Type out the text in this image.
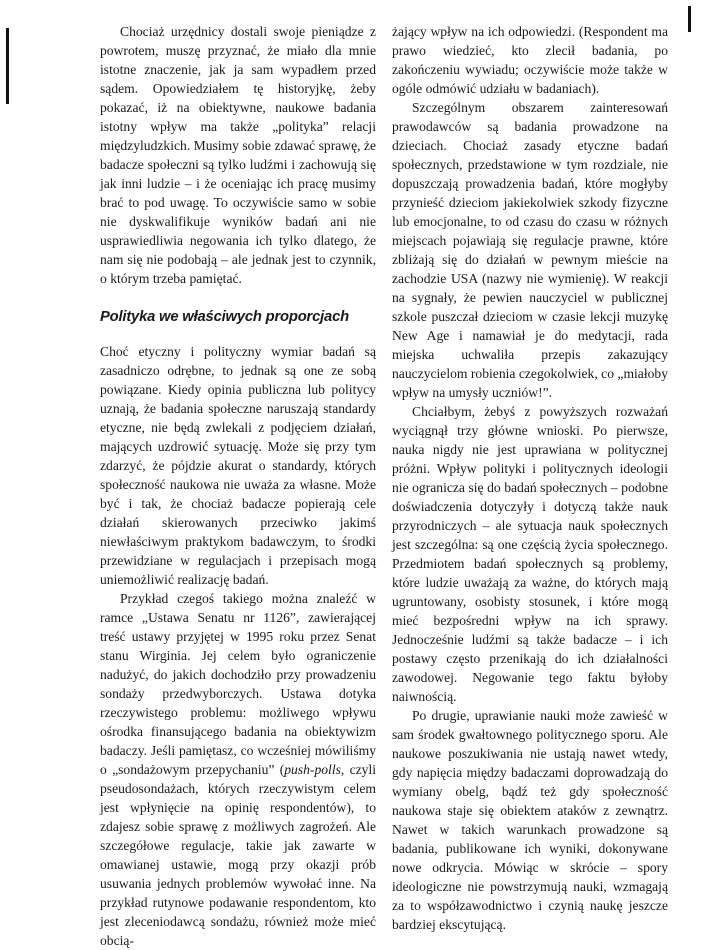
Chociaż urzędnicy dostali swoje pieniądze z powrotem, muszę przyznać, że miało dla mnie istotne znaczenie, jak ja sam wypadłem przed sądem. Opowiedziałem tę historyjkę, żeby pokazać, iż na obiektywne, naukowe badania istotny wpływ ma także „polityka” relacji międzyludzkich. Musimy sobie zdawać sprawę, że badacze społeczni są tylko ludźmi i zachowują się jak inni ludzie – i że oceniając ich pracę musimy brać to pod uwagę. To oczywiście samo w sobie nie dyskwalifikuje wyników badań ani nie usprawiedliwia negowania ich tylko dlatego, że nam się nie podobają – ale jednak jest to czynnik, o którym trzeba pamiętać.

Polityka we właściwych proporcjach

Choć etyczny i polityczny wymiar badań są zasadniczo odrębne, to jednak są one ze sobą powiązane. Kiedy opinia publiczna lub politycy uznają, że badania społeczne naruszają standardy etyczne, nie będą zwlekali z podjęciem działań, mających uzdrowić sytuację. Może się przy tym zdarzyć, że pójdzie akurat o standardy, których społeczność naukowa nie uważa za własne. Może być i tak, że chociaż badacze popierają cele działań skierowanych przeciwko jakimś niewłaściwym praktykom badawczym, to środki przewidziane w regulacjach i przepisach mogą uniemożliwić realizację badań.

Przykład czegoś takiego można znaleźć w ramce „Ustawa Senatu nr 1126”, zawierającej treść ustawy przyjętej w 1995 roku przez Senat stanu Wirginia. Jej celem było ograniczenie nadużyć, do jakich dochodziło przy prowadzeniu sondaży przedwyborczych. Ustawa dotyka rzeczywistego problemu: możliwego wpływu ośrodka finansującego badania na obiektywizm badaczy. Jeśli pamiętasz, co wcześniej mówiliśmy o „sondażowym przepychaniu” (push-polls, czyli pseudosondażach, których rzeczywistym celem jest wpłynięcie na opinię respondentów), to zdajesz sobie sprawę z możliwych zagrożeń. Ale szczegółowe regulacje, takie jak zawarte w omawianej ustawie, mogą przy okazji prób usuwania jednych problemów wywołać inne. Na przykład rutynowe podawanie respondentom, kto jest zleceniodawcą sondażu, również może mieć obcią-

żający wpływ na ich odpowiedzi. (Respondent ma prawo wiedzieć, kto zlecił badania, po zakończeniu wywiadu; oczywiście może także w ogóle odmówić udziału w badaniach).

Szczególnym obszarem zainteresowań prawodawców są badania prowadzone na dzieciach. Chociaż zasady etyczne badań społecznych, przedstawione w tym rozdziale, nie dopuszczają prowadzenia badań, które mogłyby przynieść dzieciom jakiekolwiek szkody fizyczne lub emocjonalne, to od czasu do czasu w różnych miejscach pojawiają się regulacje prawne, które zbliżają się do działań w pewnym mieście na zachodzie USA (nazwy nie wymienię). W reakcji na sygnały, że pewien nauczyciel w publicznej szkole puszczał dzieciom w czasie lekcji muzykę New Age i namawiał je do medytacji, rada miejska uchwaliła przepis zakazujący nauczycielom robienia czegokolwiek, co „miałoby wpływ na umysły uczniów!”.

Chciałbym, żebyś z powyższych rozważań wyciągnął trzy główne wnioski. Po pierwsze, nauka nigdy nie jest uprawiana w politycznej próżni. Wpływ polityki i politycznych ideologii nie ogranicza się do badań społecznych – podobne doświadczenia dotyczyły i dotyczą także nauk przyrodniczych – ale sytuacja nauk społecznych jest szczególna: są one częścią życia społecznego. Przedmiotem badań społecznych są problemy, które ludzie uważają za ważne, do których mają ugruntowany, osobisty stosunek, i które mogą mieć bezpośredni wpływ na ich sprawy. Jednocześnie ludźmi są także badacze – i ich postawy często przenikają do ich działalności zawodowej. Negowanie tego faktu byłoby naiwnością.

Po drugie, uprawianie nauki może zawieść w sam środek gwałtownego politycznego sporu. Ale naukowe poszukiwania nie ustają nawet wtedy, gdy napięcia między badaczami doprowadzają do wymiany obelg, bądź też gdy społeczność naukowa staje się obiektem ataków z zewnątrz. Nawet w takich warunkach prowadzone są badania, publikowane ich wyniki, dokonywane nowe odkrycia. Mówiąc w skrócie – spory ideologiczne nie powstrzymują nauki, wzmagają za to współzawodnictwo i czynią naukę jeszcze bardziej ekscytującą.
